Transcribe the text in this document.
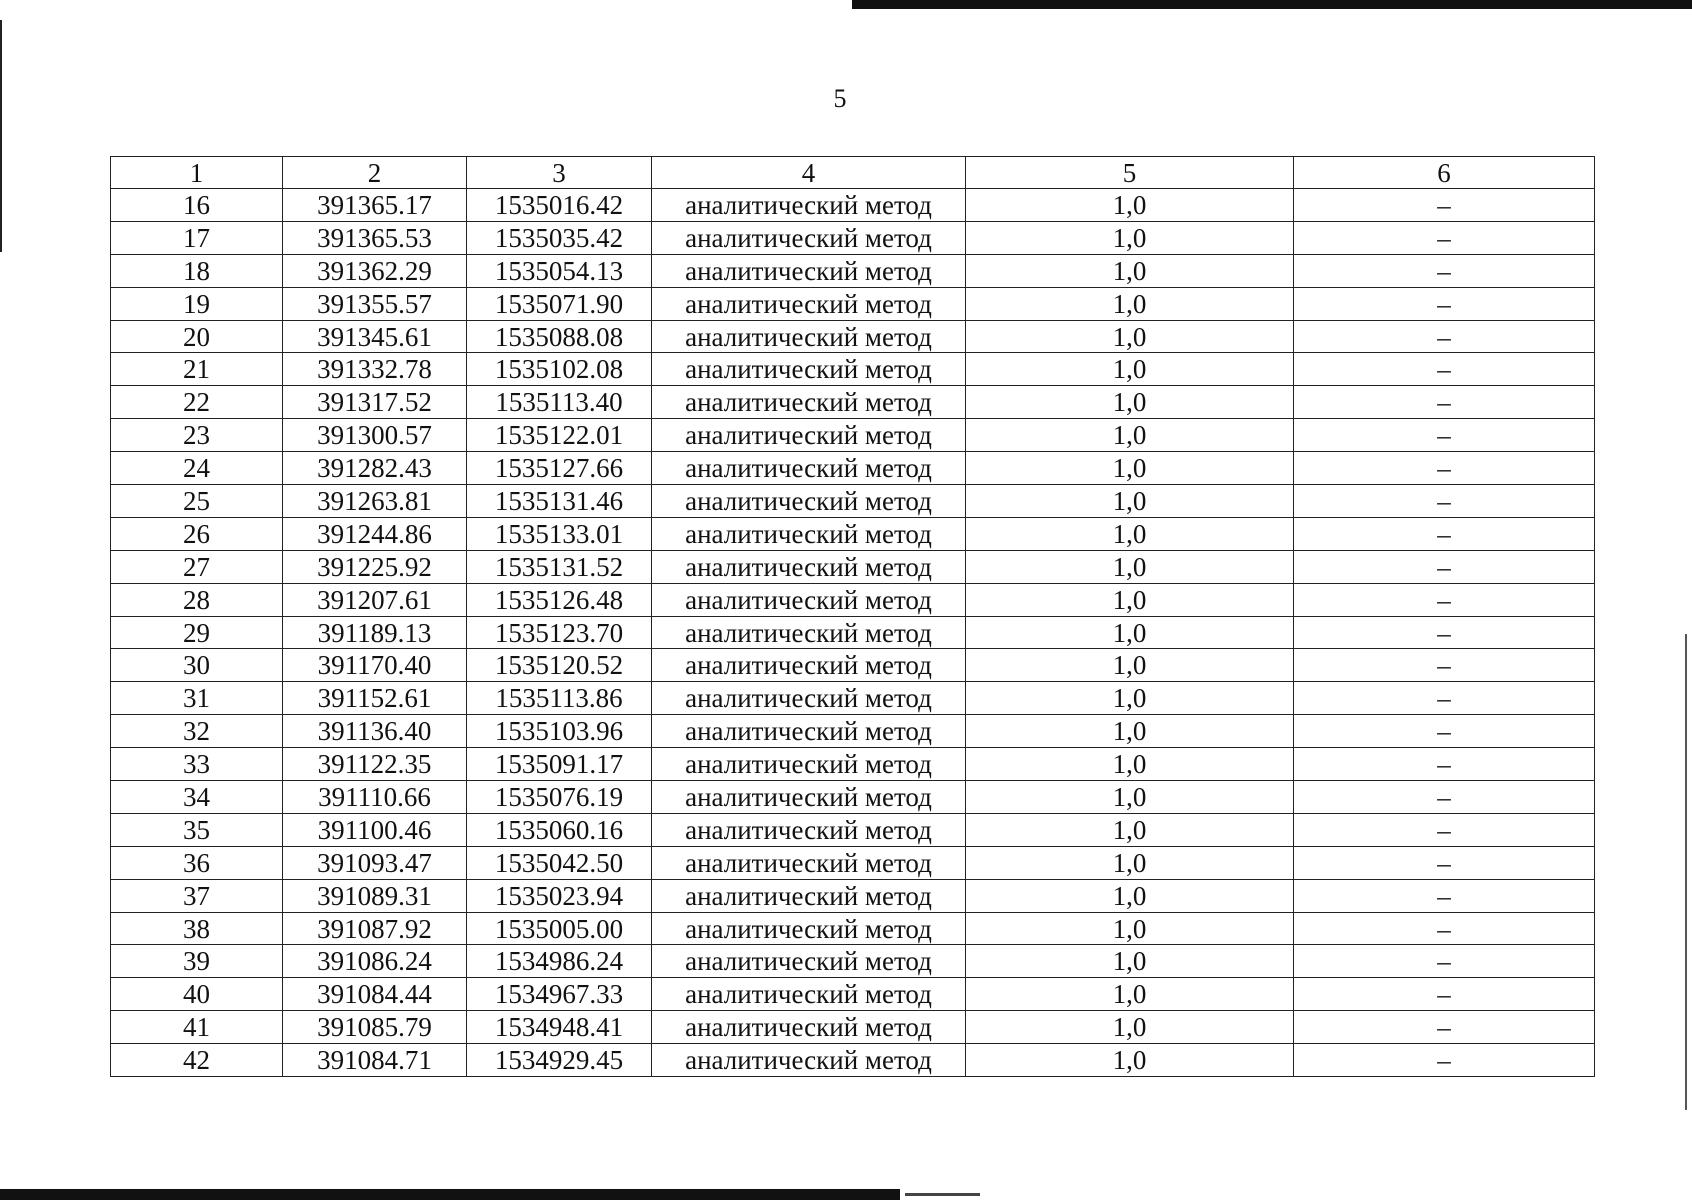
5
1	2	3	4	5	6
16	391365.17	1535016.42	аналитический метод	1,0	–
17	391365.53	1535035.42	аналитический метод	1,0	–
18	391362.29	1535054.13	аналитический метод	1,0	–
19	391355.57	1535071.90	аналитический метод	1,0	–
20	391345.61	1535088.08	аналитический метод	1,0	–
21	391332.78	1535102.08	аналитический метод	1,0	–
22	391317.52	1535113.40	аналитический метод	1,0	–
23	391300.57	1535122.01	аналитический метод	1,0	–
24	391282.43	1535127.66	аналитический метод	1,0	–
25	391263.81	1535131.46	аналитический метод	1,0	–
26	391244.86	1535133.01	аналитический метод	1,0	–
27	391225.92	1535131.52	аналитический метод	1,0	–
28	391207.61	1535126.48	аналитический метод	1,0	–
29	391189.13	1535123.70	аналитический метод	1,0	–
30	391170.40	1535120.52	аналитический метод	1,0	–
31	391152.61	1535113.86	аналитический метод	1,0	–
32	391136.40	1535103.96	аналитический метод	1,0	–
33	391122.35	1535091.17	аналитический метод	1,0	–
34	391110.66	1535076.19	аналитический метод	1,0	–
35	391100.46	1535060.16	аналитический метод	1,0	–
36	391093.47	1535042.50	аналитический метод	1,0	–
37	391089.31	1535023.94	аналитический метод	1,0	–
38	391087.92	1535005.00	аналитический метод	1,0	–
39	391086.24	1534986.24	аналитический метод	1,0	–
40	391084.44	1534967.33	аналитический метод	1,0	–
41	391085.79	1534948.41	аналитический метод	1,0	–
42	391084.71	1534929.45	аналитический метод	1,0	–
